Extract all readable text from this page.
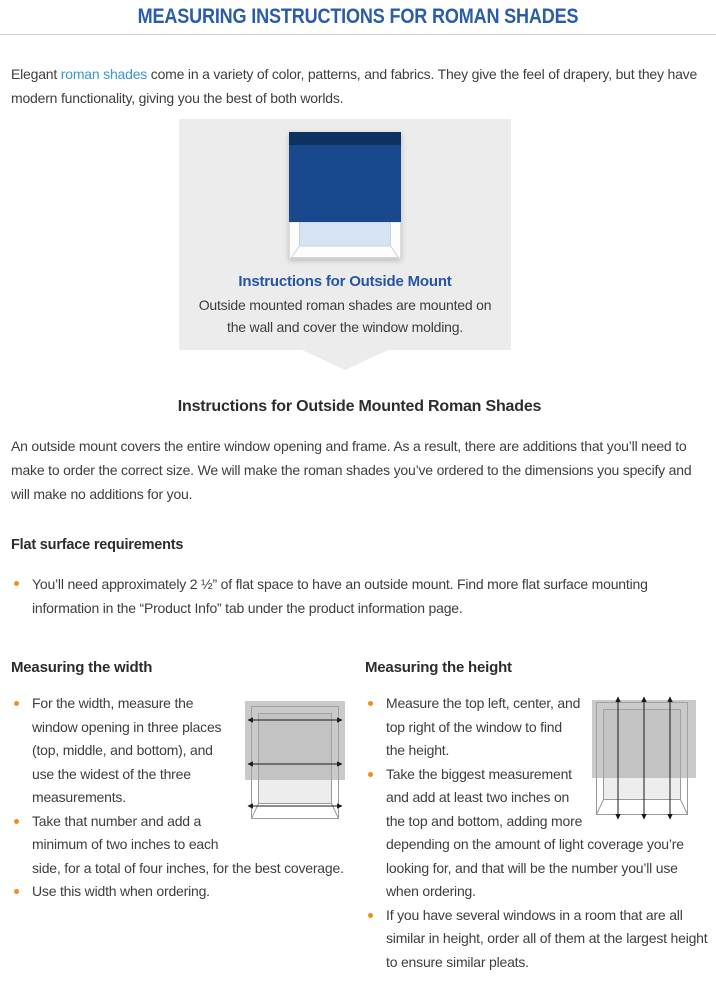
MEASURING INSTRUCTIONS FOR ROMAN SHADES

Elegant roman shades come in a variety of color, patterns, and fabrics. They give the feel of drapery, but they have modern functionality, giving you the best of both worlds.

Instructions for Outside Mount
Outside mounted roman shades are mounted on the wall and cover the window molding.
Instructions for Outside Mounted Roman Shades

An outside mount covers the entire window opening and frame. As a result, there are additions that you’ll need to make to order the correct size. We will make the roman shades you’ve ordered to the dimensions you specify and will make no additions for you.

Flat surface requirements
You’ll need approximately 2 ½” of flat space to have an outside mount. Find more flat surface mounting information in the “Product Info” tab under the product information page.
Measuring the width
For the width, measure the window opening in three places (top, middle, and bottom), and use the widest of the three measurements.
Take that number and add a minimum of two inches to each side, for a total of four inches, for the best coverage.
Use this width when ordering.
Measuring the height
Measure the top left, center, and top right of the window to find the height.
Take the biggest measurement and add at least two inches on the top and bottom, adding more depending on the amount of light coverage you’re looking for, and that will be the number you’ll use when ordering.
If you have several windows in a room that are all similar in height, order all of them at the largest height to ensure similar pleats.
